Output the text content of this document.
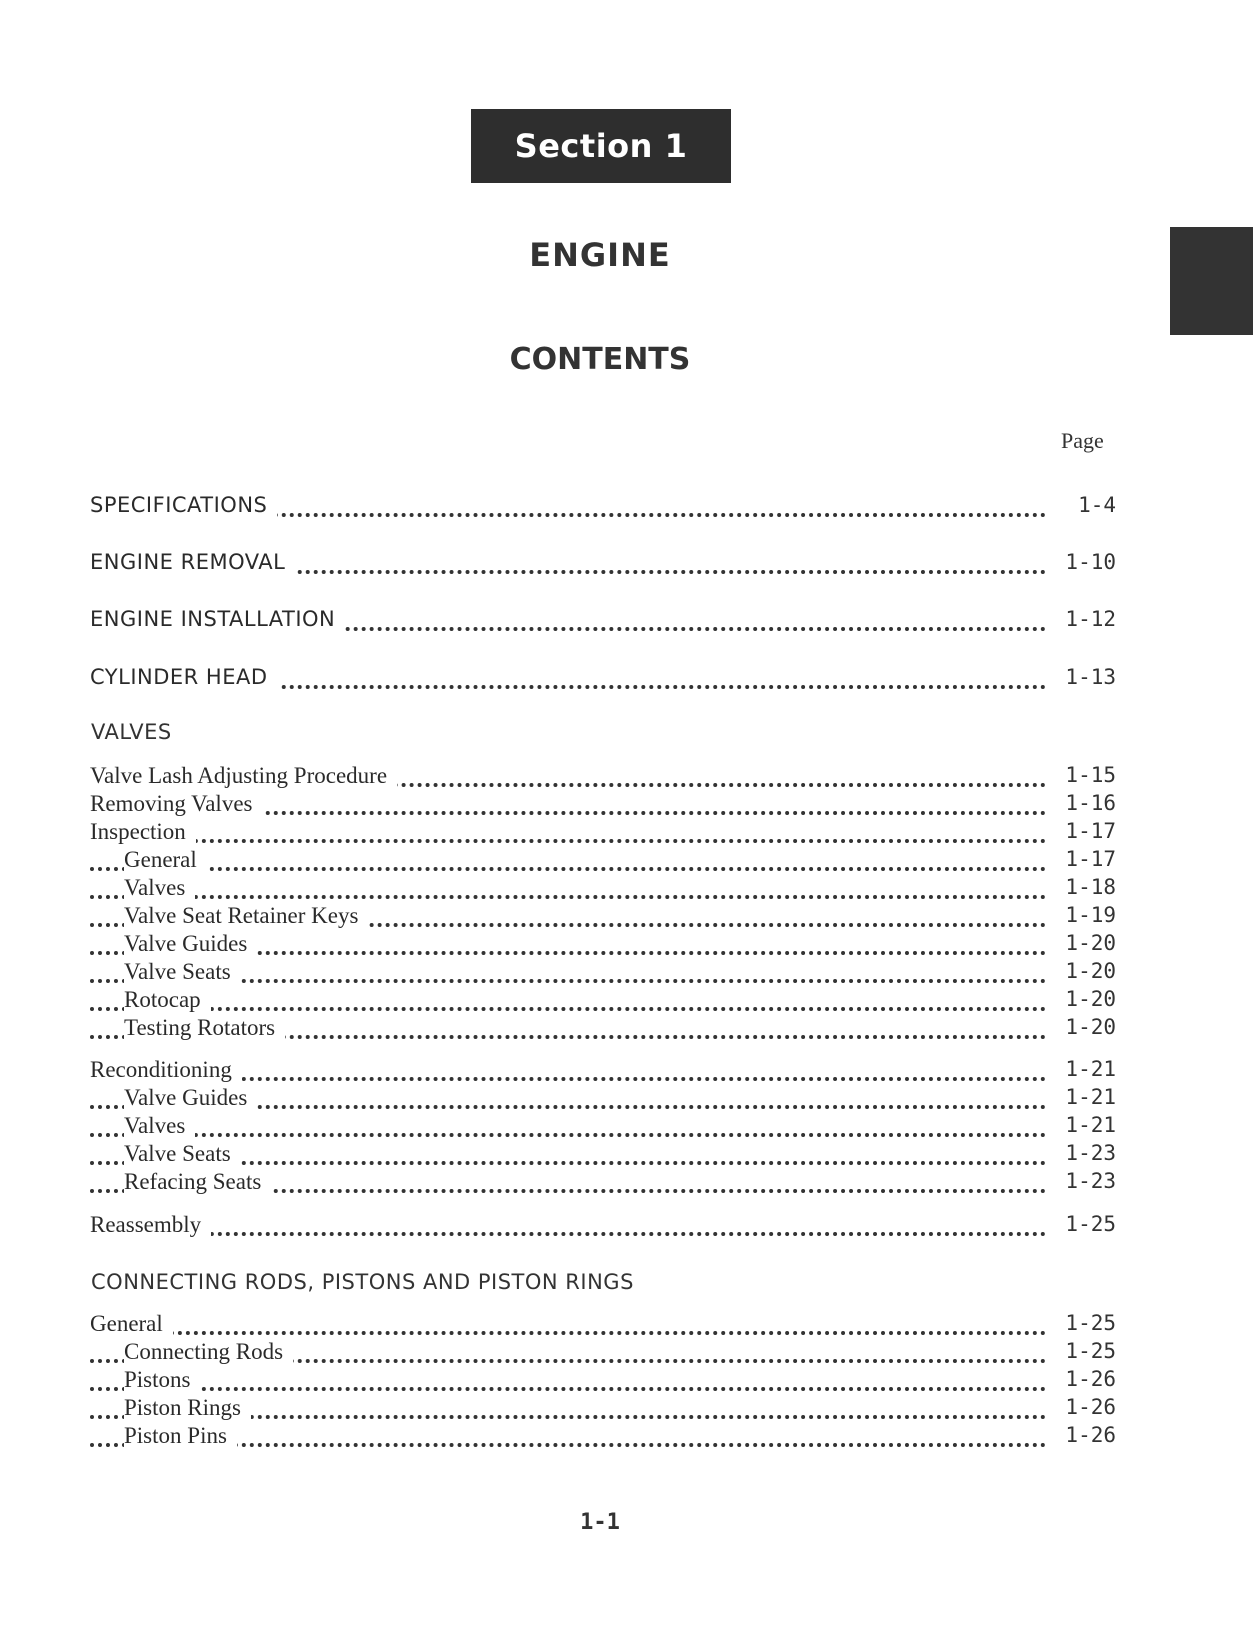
Section 1
ENGINE
CONTENTS
Page
SPECIFICATIONS	1-4
ENGINE REMOVAL	1-10
ENGINE INSTALLATION	1-12
CYLINDER HEAD	1-13
VALVES
Valve Lash Adjusting Procedure	1-15
Removing Valves	1-16
Inspection	1-17
General	1-17
Valves	1-18
Valve Seat Retainer Keys	1-19
Valve Guides	1-20
Valve Seats	1-20
Rotocap	1-20
Testing Rotators	1-20
Reconditioning	1-21
Valve Guides	1-21
Valves	1-21
Valve Seats	1-23
Refacing Seats	1-23
Reassembly	1-25
CONNECTING RODS, PISTONS AND PISTON RINGS
General	1-25
Connecting Rods	1-25
Pistons	1-26
Piston Rings	1-26
Piston Pins	1-26
1-1
